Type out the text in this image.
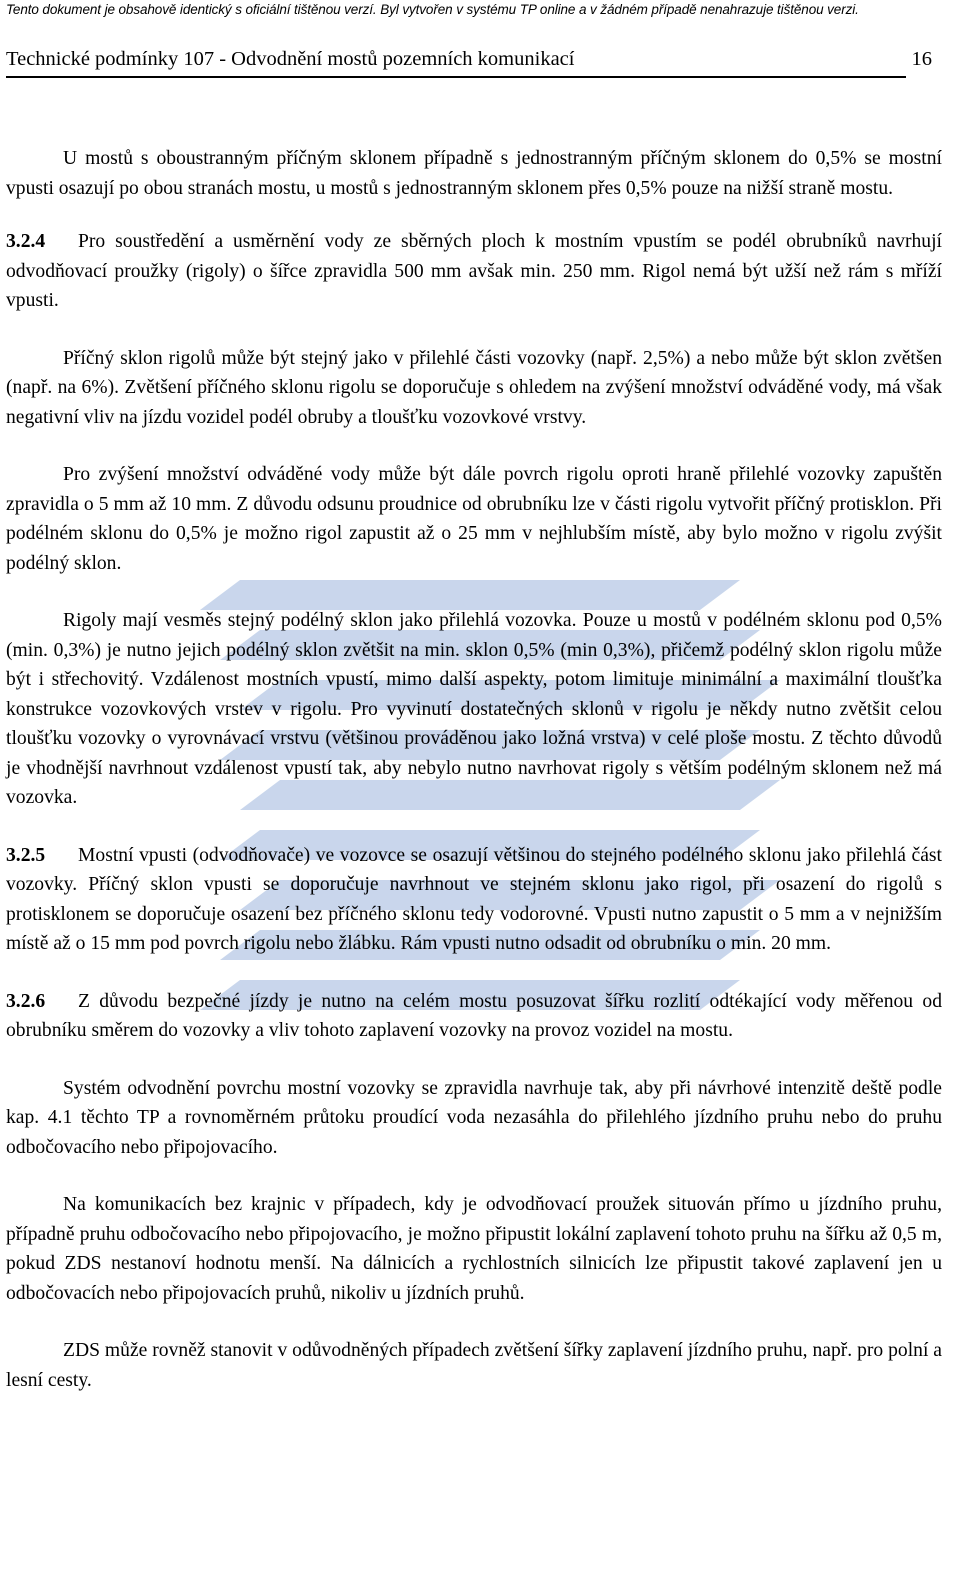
Tento dokument je obsahově identický s oficiální tištěnou verzí. Byl vytvořen v systému TP online a v žádném případě nenahrazuje tištěnou verzi.
Technické podmínky 107 - Odvodnění mostů pozemních komunikací	16

U mostů s oboustranným příčným sklonem případně s jednostranným příčným sklonem do 0,5% se mostní vpusti osazují po obou stranách mostu, u mostů s jednostranným sklonem přes 0,5% pouze na nižší straně mostu.

3.2.4 Pro soustředění a usměrnění vody ze sběrných ploch k mostním vpustím se podél obrubníků navrhují odvodňovací proužky (rigoly) o šířce zpravidla 500 mm avšak min. 250 mm. Rigol nemá být užší než rám s mříží vpusti.

Příčný sklon rigolů může být stejný jako v přilehlé části vozovky (např. 2,5%) a nebo může být sklon zvětšen (např. na 6%). Zvětšení příčného sklonu rigolu se doporučuje s ohledem na zvýšení množství odváděné vody, má však negativní vliv na jízdu vozidel podél obruby a tloušťku vozovkové vrstvy.

Pro zvýšení množství odváděné vody může být dále povrch rigolu oproti hraně přilehlé vozovky zapuštěn zpravidla o 5 mm až 10 mm. Z důvodu odsunu proudnice od obrubníku lze v části rigolu vytvořit příčný protisklon. Při podélném sklonu do 0,5% je možno rigol zapustit až o 25 mm v nejhlubším místě, aby bylo možno v rigolu zvýšit podélný sklon.

Rigoly mají vesměs stejný podélný sklon jako přilehlá vozovka. Pouze u mostů v podélném sklonu pod 0,5% (min. 0,3%) je nutno jejich podélný sklon zvětšit na min. sklon 0,5% (min 0,3%), přičemž podélný sklon rigolu může být i střechovitý. Vzdálenost mostních vpustí, mimo další aspekty, potom limituje minimální a maximální tloušťka konstrukce vozovkových vrstev v rigolu. Pro vyvinutí dostatečných sklonů v rigolu je někdy nutno zvětšit celou tloušťku vozovky o vyrovnávací vrstvu (většinou prováděnou jako ložná vrstva) v celé ploše mostu. Z těchto důvodů je vhodnější navrhnout vzdálenost vpustí tak, aby nebylo nutno navrhovat rigoly s větším podélným sklonem než má vozovka.

3.2.5 Mostní vpusti (odvodňovače) ve vozovce se osazují většinou do stejného podélného sklonu jako přilehlá část vozovky. Příčný sklon vpusti se doporučuje navrhnout ve stejném sklonu jako rigol, při osazení do rigolů s protisklonem se doporučuje osazení bez příčného sklonu tedy vodorovné. Vpusti nutno zapustit o 5 mm a v nejnižším místě až o 15 mm pod povrch rigolu nebo žlábku. Rám vpusti nutno odsadit od obrubníku o min. 20 mm.

3.2.6 Z důvodu bezpečné jízdy je nutno na celém mostu posuzovat šířku rozlití odtékající vody měřenou od obrubníku směrem do vozovky a vliv tohoto zaplavení vozovky na provoz vozidel na mostu.

Systém odvodnění povrchu mostní vozovky se zpravidla navrhuje tak, aby při návrhové intenzitě deště podle kap. 4.1 těchto TP a rovnoměrném průtoku proudící voda nezasáhla do přilehlého jízdního pruhu nebo do pruhu odbočovacího nebo připojovacího.

Na komunikacích bez krajnic v případech, kdy je odvodňovací proužek situován přímo u jízdního pruhu, případně pruhu odbočovacího nebo připojovacího, je možno připustit lokální zaplavení tohoto pruhu na šířku až 0,5 m, pokud ZDS nestanoví hodnotu menší. Na dálnicích a rychlostních silnicích lze připustit takové zaplavení jen u odbočovacích nebo připojovacích pruhů, nikoliv u jízdních pruhů.

ZDS může rovněž stanovit v odůvodněných případech zvětšení šířky zaplavení jízdního pruhu, např. pro polní a lesní cesty.
